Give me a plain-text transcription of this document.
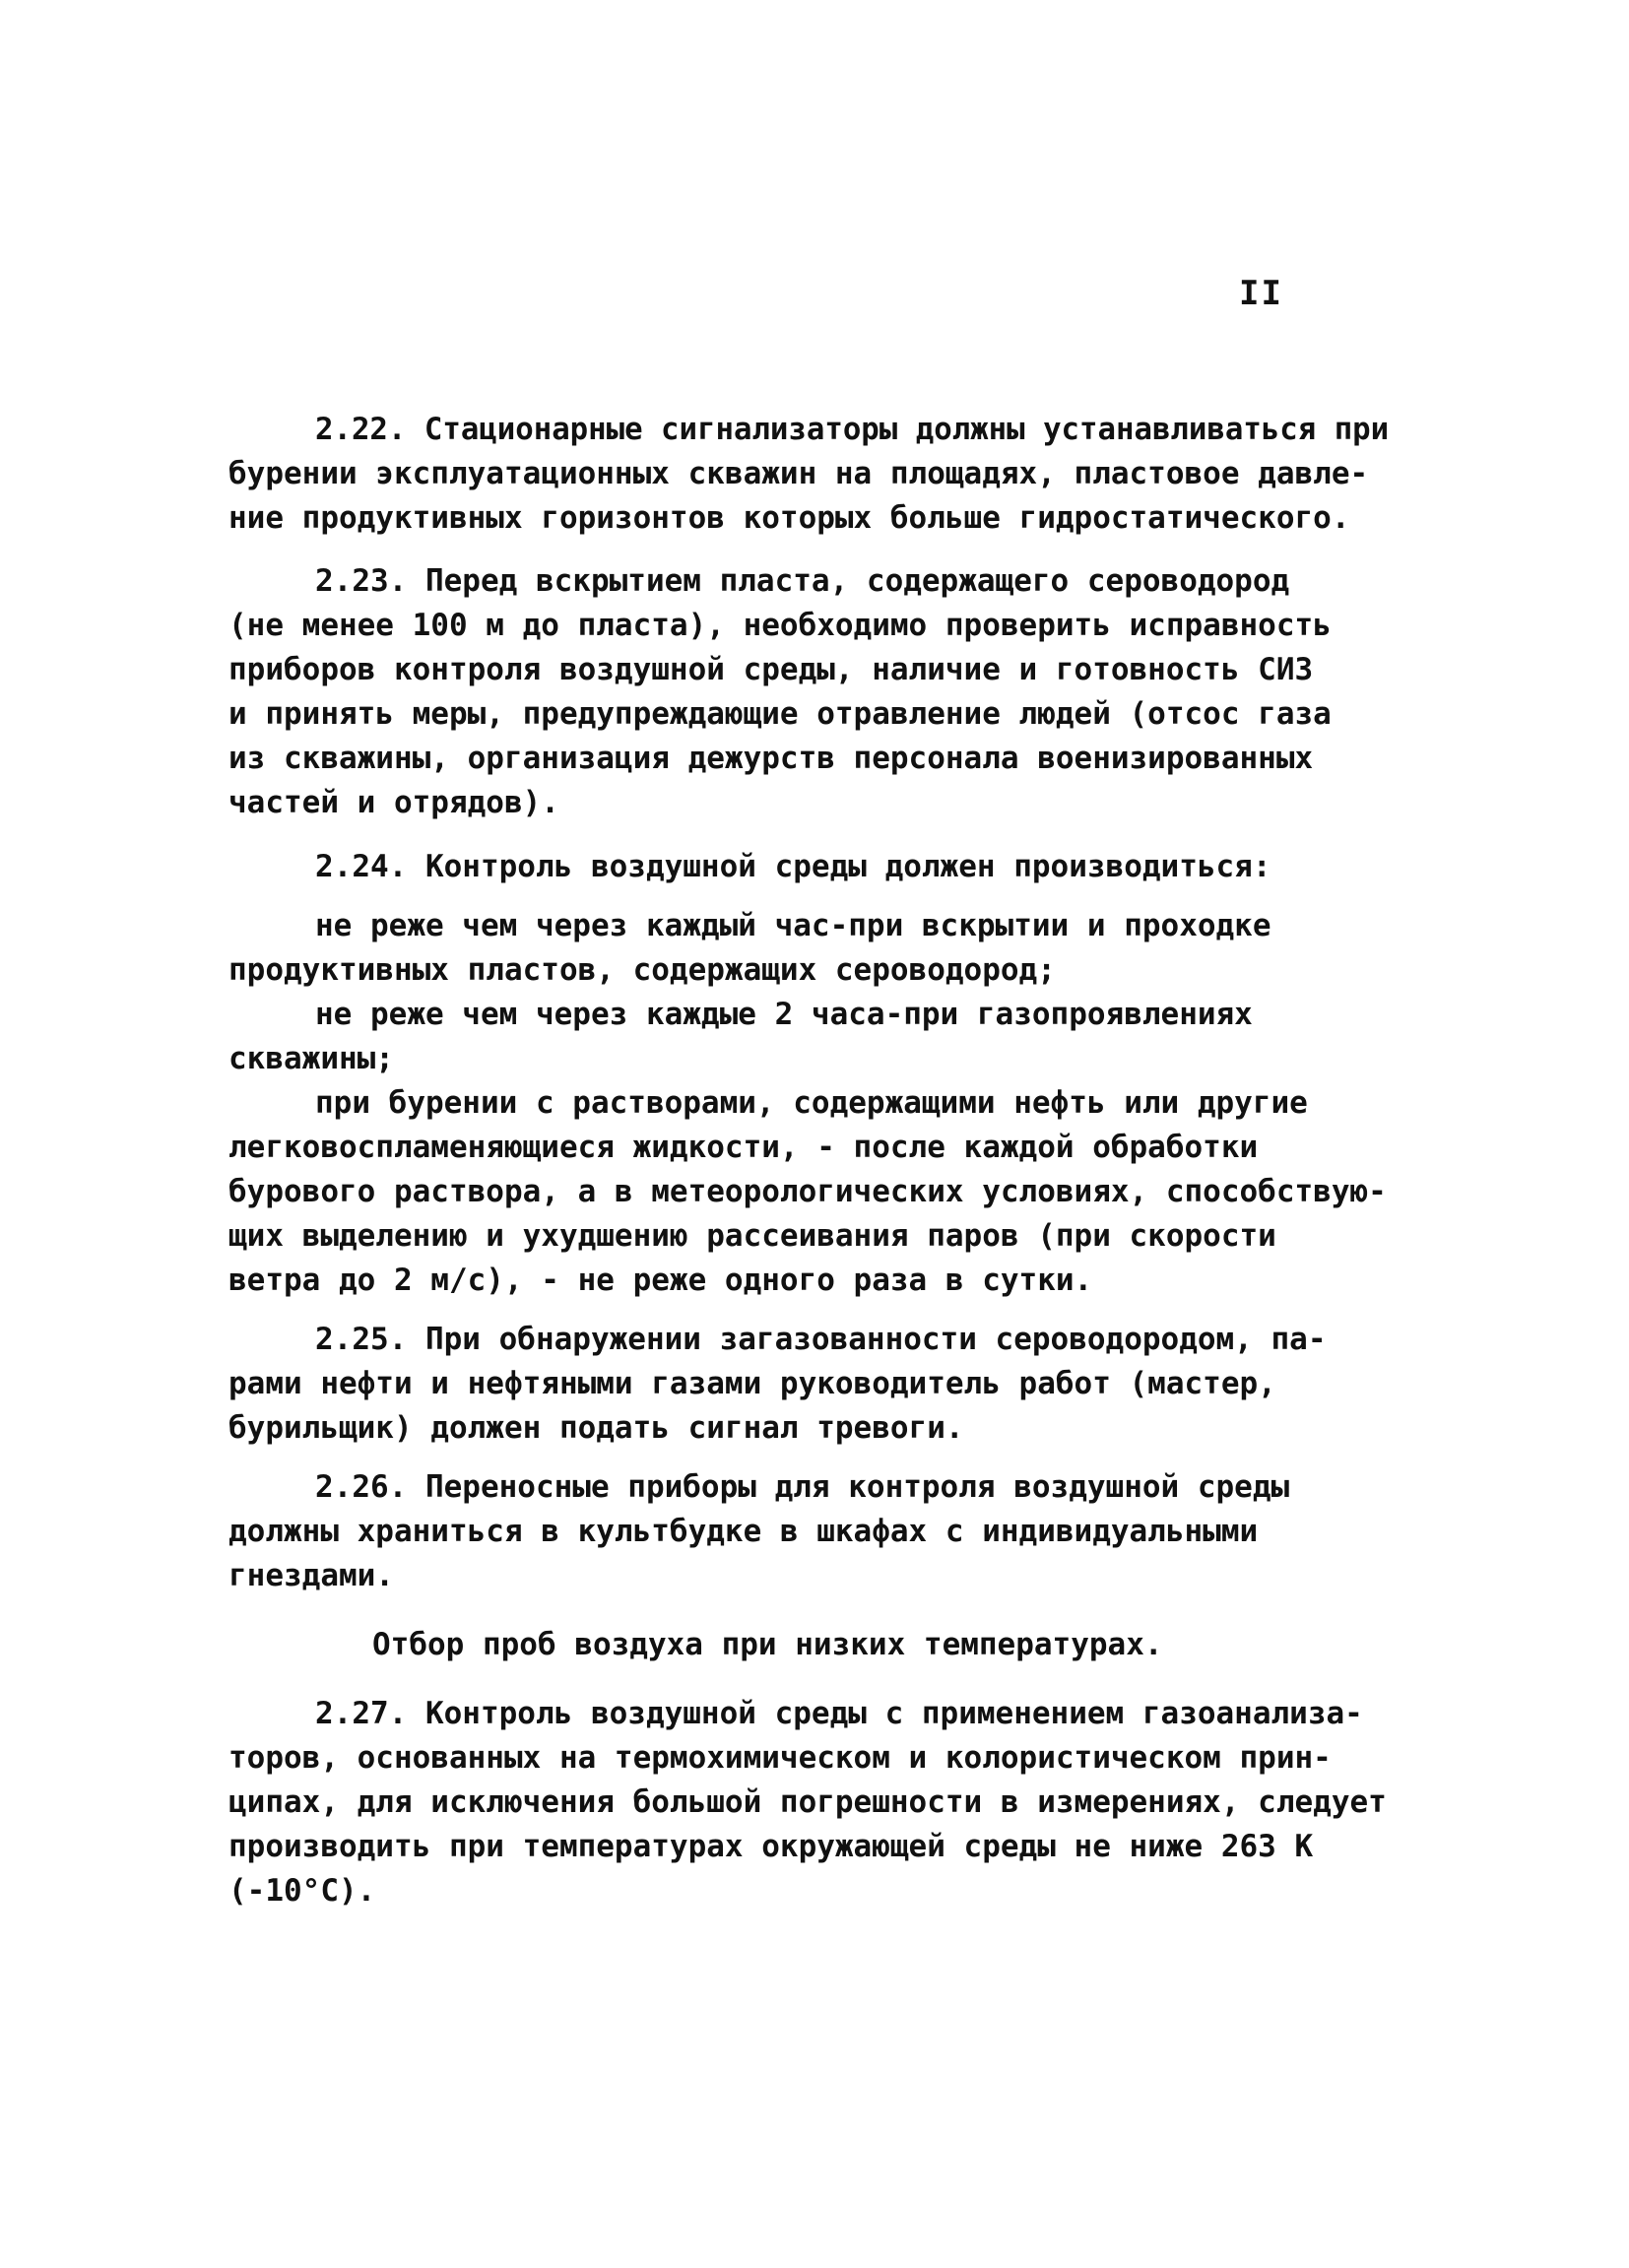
II
2.22. Стационарные сигнализаторы должны устанавливаться при
бурении эксплуатационных скважин на площадях, пластовое давле-
ние продуктивных горизонтов которых больше гидростатического.
2.23. Перед вскрытием пласта, содержащего сероводород
(не менее 100 м до пласта), необходимо проверить исправность
приборов контроля воздушной среды, наличие и готовность СИЗ
и принять меры, предупреждающие отравление людей (отсос газа
из скважины, организация дежурств персонала военизированных
частей и отрядов).
2.24. Контроль воздушной среды должен производиться:
не реже чем через каждый час-при вскрытии и проходке
продуктивных пластов, содержащих сероводород;
не реже чем через каждые 2 часа-при газопроявлениях
скважины;
при бурении с растворами, содержащими нефть или другие
легковоспламеняющиеся жидкости, - после каждой обработки
бурового раствора, а в метеорологических условиях, способствую-
щих выделению и ухудшению рассеивания паров (при скорости
ветра до 2 м/с), - не реже одного раза в сутки.
2.25. При обнаружении загазованности сероводородом, па-
рами нефти и нефтяными газами руководитель работ (мастер,
бурильщик) должен подать сигнал тревоги.
2.26. Переносные приборы для контроля воздушной среды
должны храниться в культбудке в шкафах с индивидуальными
гнездами.
Отбор проб воздуха при низких температурах.
2.27. Контроль воздушной среды с применением газоанализа-
торов, основанных на термохимическом и колористическом прин-
ципах, для исключения большой погрешности в измерениях, следует
производить при температурах окружающей среды не ниже 263 К
(-10°С).
